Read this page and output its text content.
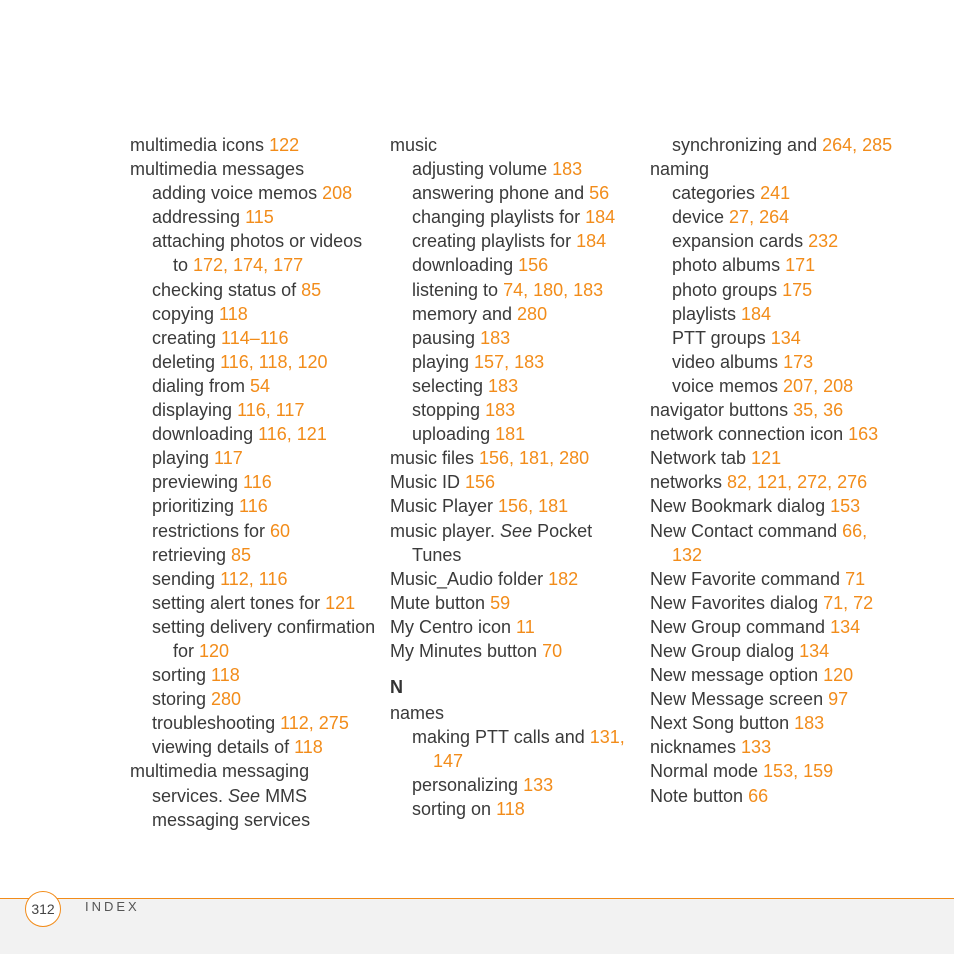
multimedia icons 122

multimedia messages

adding voice memos 208

addressing 115

attaching photos or videos to 172, 174, 177

checking status of 85

copying 118

creating 114–116

deleting 116, 118, 120

dialing from 54

displaying 116, 117

downloading 116, 121

playing 117

previewing 116

prioritizing 116

restrictions for 60

retrieving 85

sending 112, 116

setting alert tones for 121

setting delivery confirmation for 120

sorting 118

storing 280

troubleshooting 112, 275

viewing details of 118

multimedia messaging services. See MMS messaging services

music

adjusting volume 183

answering phone and 56

changing playlists for 184

creating playlists for 184

downloading 156

listening to 74, 180, 183

memory and 280

pausing 183

playing 157, 183

selecting 183

stopping 183

uploading 181

music files 156, 181, 280

Music ID 156

Music Player 156, 181

music player. See Pocket Tunes

Music_Audio folder 182

Mute button 59

My Centro icon 11

My Minutes button 70

N

names

making PTT calls and 131, 147

personalizing 133

sorting on 118

synchronizing and 264, 285

naming

categories 241

device 27, 264

expansion cards 232

photo albums 171

photo groups 175

playlists 184

PTT groups 134

video albums 173

voice memos 207, 208

navigator buttons 35, 36

network connection icon 163

Network tab 121

networks 82, 121, 272, 276

New Bookmark dialog 153

New Contact command 66, 132

New Favorite command 71

New Favorites dialog 71, 72

New Group command 134

New Group dialog 134

New message option 120

New Message screen 97

Next Song button 183

nicknames 133

Normal mode 153, 159

Note button 66

312	INDEX
